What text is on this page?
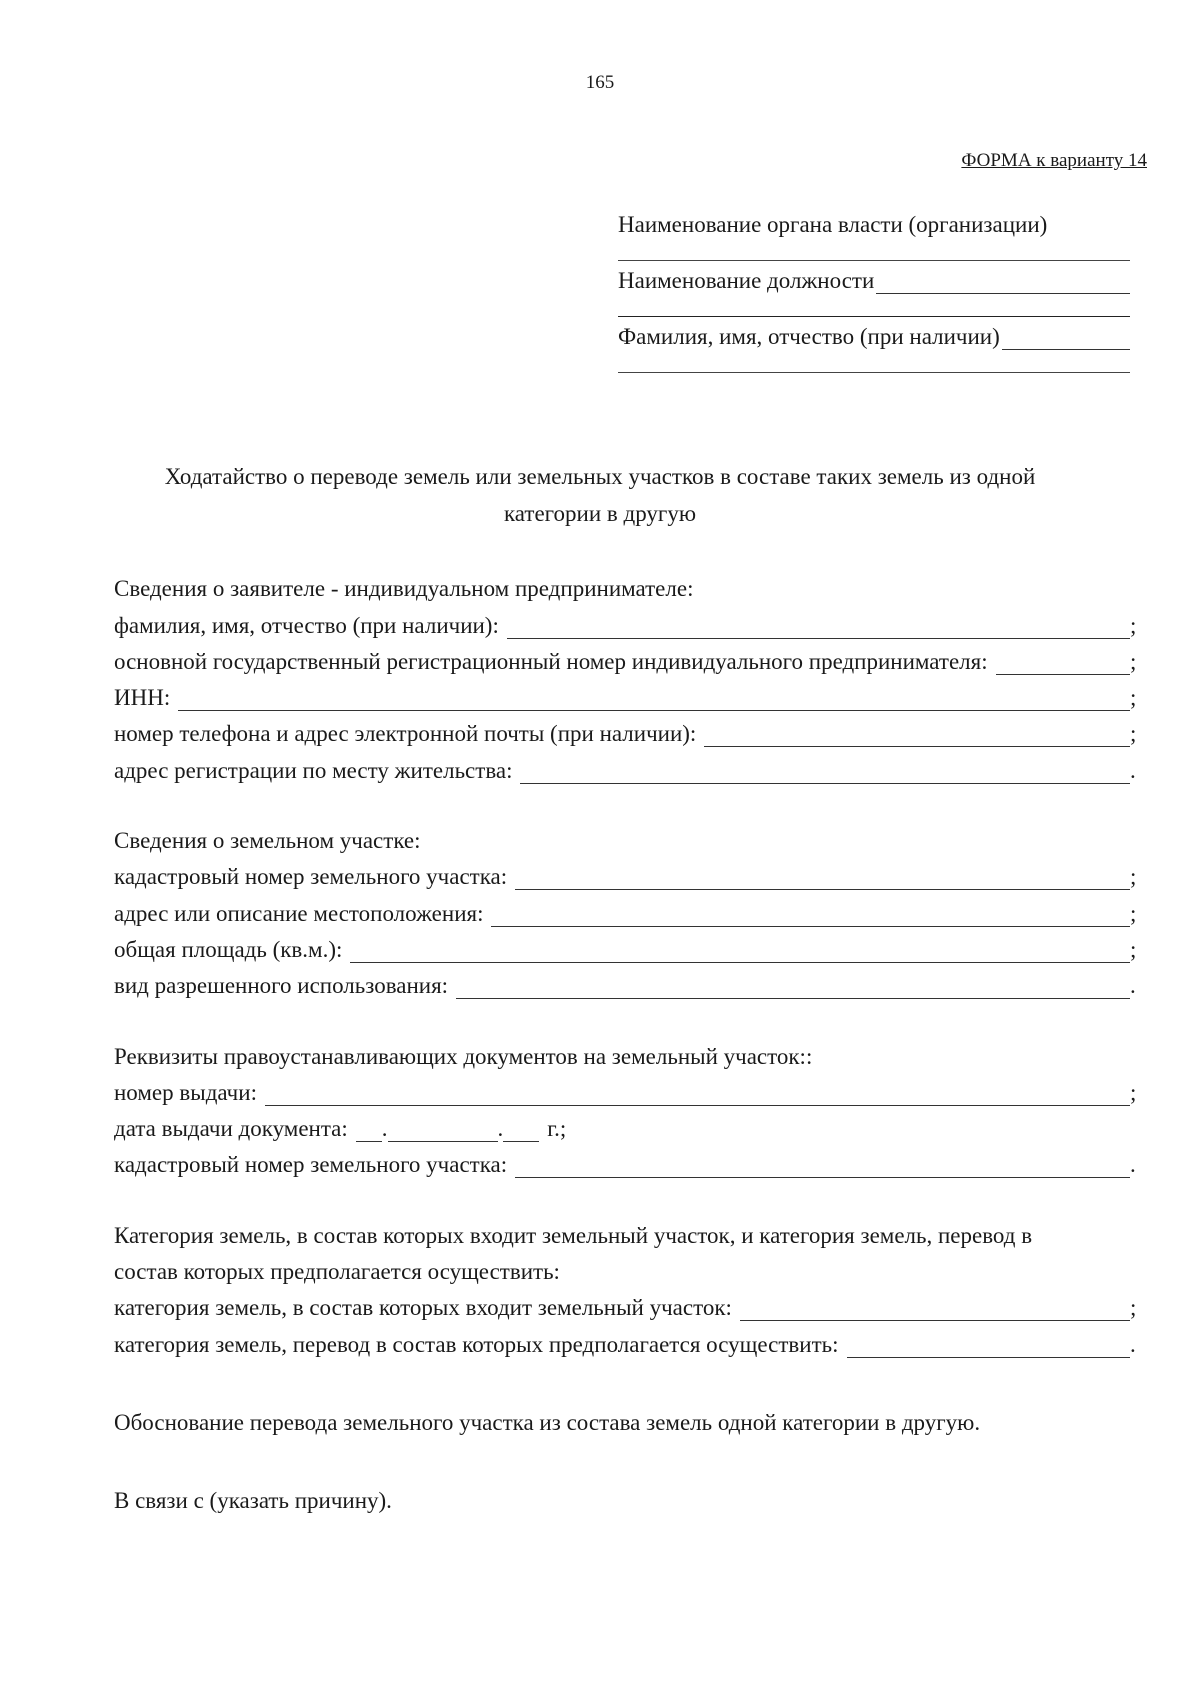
165
ФОРМА к варианту 14
Наименование органа власти (организации)
Наименование должности
Фамилия, имя, отчество (при наличии)
Ходатайство о переводе земель или земельных участков в составе таких земель из одной
категории в другую
Сведения о заявителе - индивидуальном предпринимателе:
фамилия, имя, отчество (при наличии):	;
основной государственный регистрационный номер индивидуального предпринимателя:	;
ИНН:	;
номер телефона и адрес электронной почты (при наличии):	;
адрес регистрации по месту жительства:	.
Сведения о земельном участке:
кадастровый номер земельного участка:	;
адрес или описание местоположения:	;
общая площадь (кв.м.):	;
вид разрешенного использования:	.
Реквизиты правоустанавливающих документов на земельный участок::
номер выдачи:	;
дата выдачи документа: .	. г.;
кадастровый номер земельного участка:	.
Категория земель, в состав которых входит земельный участок, и категория земель, перевод в
состав которых предполагается осуществить:
категория земель, в состав которых входит земельный участок:	;
категория земель, перевод в состав которых предполагается осуществить:	.
Обоснование перевода земельного участка из состава земель одной категории в другую.
В связи с (указать причину).
